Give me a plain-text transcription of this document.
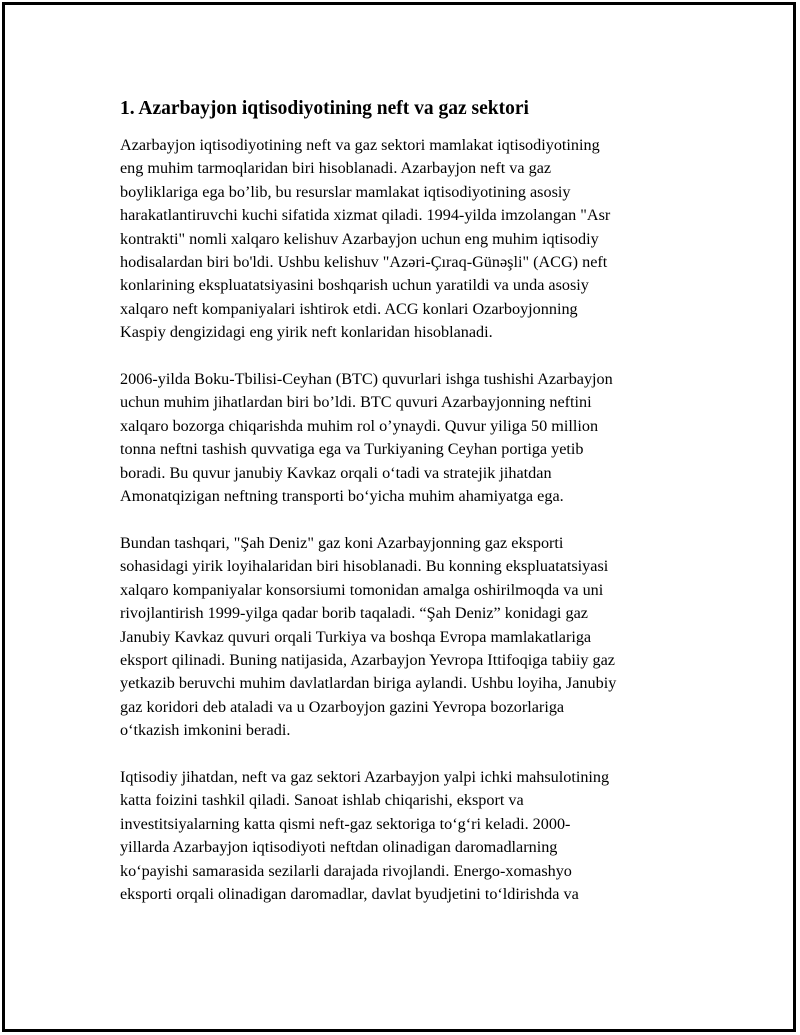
1. Azarbayjon iqtisodiyotining neft va gaz sektori

Azarbayjon iqtisodiyotining neft va gaz sektori mamlakat iqtisodiyotining
eng muhim tarmoqlaridan biri hisoblanadi. Azarbayjon neft va gaz
boyliklariga ega bo’lib, bu resurslar mamlakat iqtisodiyotining asosiy
harakatlantiruvchi kuchi sifatida xizmat qiladi. 1994-yilda imzolangan "Asr
kontrakti" nomli xalqaro kelishuv Azarbayjon uchun eng muhim iqtisodiy
hodisalardan biri bo'ldi. Ushbu kelishuv "Azəri-Çıraq-Günəşli" (ACG) neft
konlarining ekspluatatsiyasini boshqarish uchun yaratildi va unda asosiy
xalqaro neft kompaniyalari ishtirok etdi. ACG konlari Ozarboyjonning
Kaspiy dengizidagi eng yirik neft konlaridan hisoblanadi.

2006-yilda Boku-Tbilisi-Ceyhan (BTC) quvurlari ishga tushishi Azarbayjon
uchun muhim jihatlardan biri bo’ldi. BTC quvuri Azarbayjonning neftini
xalqaro bozorga chiqarishda muhim rol o’ynaydi. Quvur yiliga 50 million
tonna neftni tashish quvvatiga ega va Turkiyaning Ceyhan portiga yetib
boradi. Bu quvur janubiy Kavkaz orqali o‘tadi va stratejik jihatdan
Amonatqizigan neftning transporti bo‘yicha muhim ahamiyatga ega.

Bundan tashqari, "Şah Deniz" gaz koni Azarbayjonning gaz eksporti
sohasidagi yirik loyihalaridan biri hisoblanadi. Bu konning ekspluatatsiyasi
xalqaro kompaniyalar konsorsiumi tomonidan amalga oshirilmoqda va uni
rivojlantirish 1999-yilga qadar borib taqaladi. “Şah Deniz” konidagi gaz
Janubiy Kavkaz quvuri orqali Turkiya va boshqa Evropa mamlakatlariga
eksport qilinadi. Buning natijasida, Azarbayjon Yevropa Ittifoqiga tabiiy gaz
yetkazib beruvchi muhim davlatlardan biriga aylandi. Ushbu loyiha, Janubiy
gaz koridori deb ataladi va u Ozarboyjon gazini Yevropa bozorlariga
o‘tkazish imkonini beradi.

Iqtisodiy jihatdan, neft va gaz sektori Azarbayjon yalpi ichki mahsulotining
katta foizini tashkil qiladi. Sanoat ishlab chiqarishi, eksport va
investitsiyalarning katta qismi neft-gaz sektoriga to‘g‘ri keladi. 2000-
yillarda Azarbayjon iqtisodiyoti neftdan olinadigan daromadlarning
ko‘payishi samarasida sezilarli darajada rivojlandi. Energo-xomashyo
eksporti orqali olinadigan daromadlar, davlat byudjetini to‘ldirishda va
